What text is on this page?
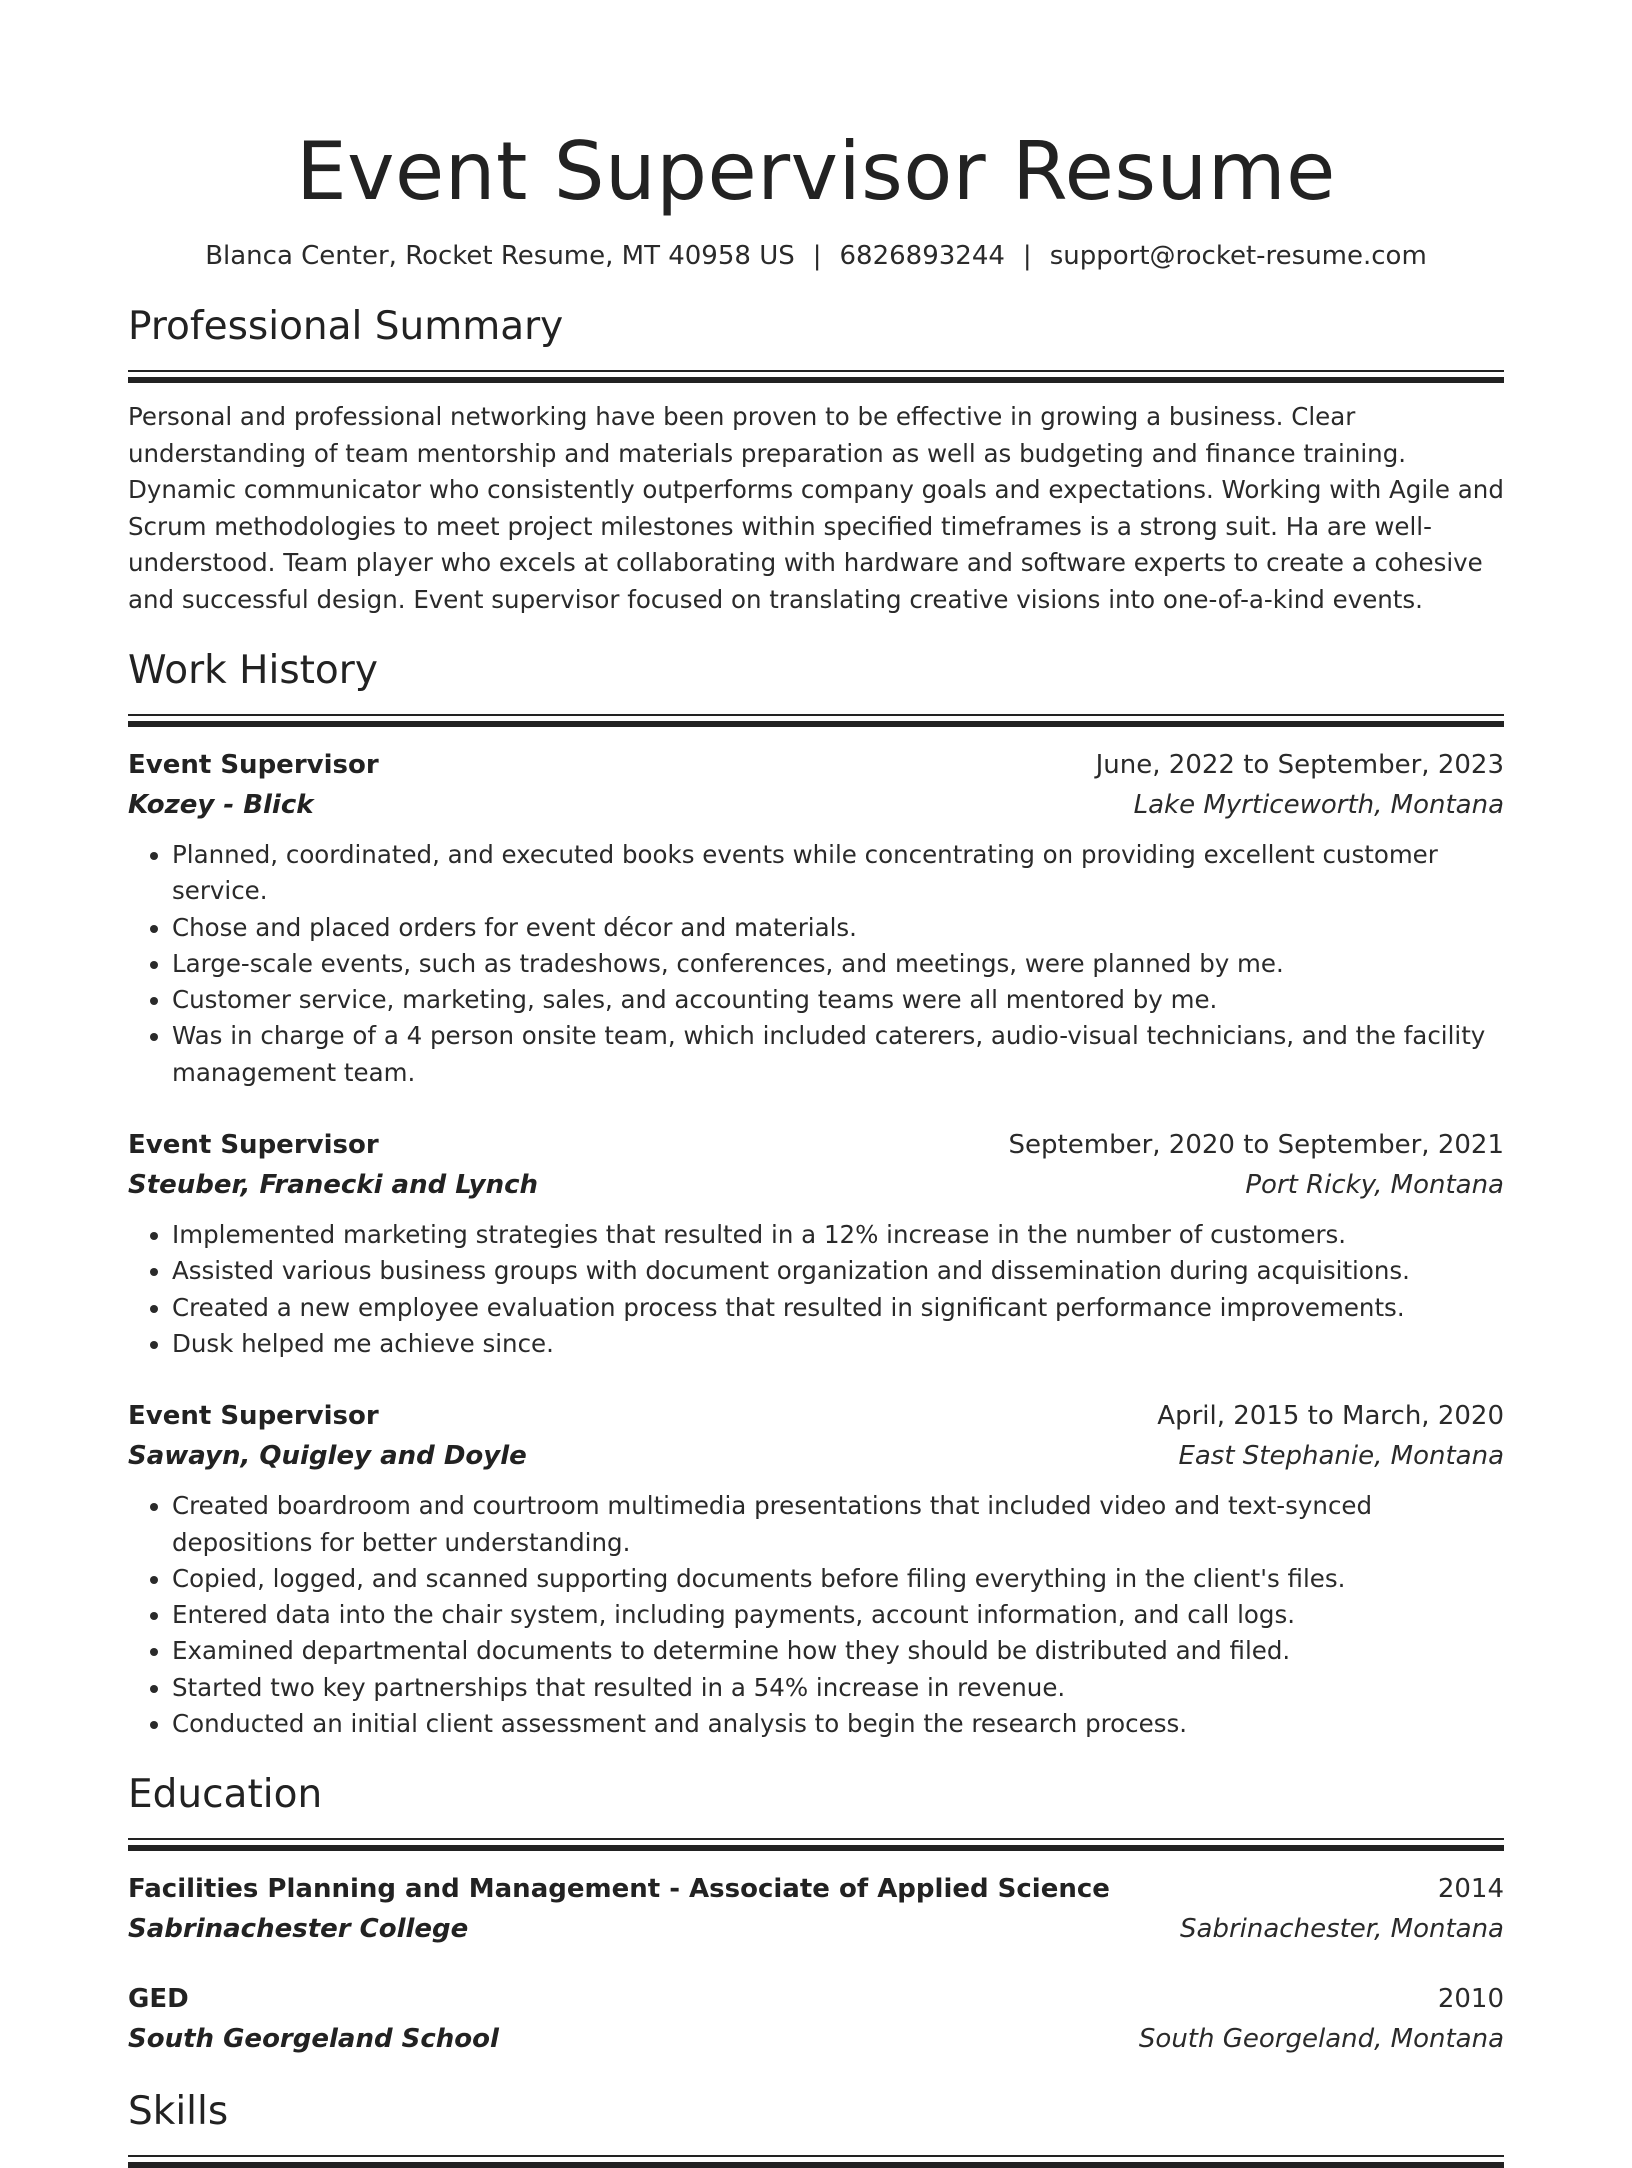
Event Supervisor Resume
Blanca Center, Rocket Resume, MT 40958 US | 6826893244 | support@rocket-resume.com
Professional Summary
Personal and professional networking have been proven to be effective in growing a business. Clear understanding of team mentorship and materials preparation as well as budgeting and finance training. Dynamic communicator who consistently outperforms company goals and expectations. Working with Agile and Scrum methodologies to meet project milestones within specified timeframes is a strong suit. Ha are well-understood. Team player who excels at collaborating with hardware and software experts to create a cohesive and successful design. Event supervisor focused on translating creative visions into one-of-a-kind events.
Work History
Event Supervisor	June, 2022 to September, 2023
Kozey - Blick	Lake Myrticeworth, Montana
• Planned, coordinated, and executed books events while concentrating on providing excellent customer service.
• Chose and placed orders for event décor and materials.
• Large-scale events, such as tradeshows, conferences, and meetings, were planned by me.
• Customer service, marketing, sales, and accounting teams were all mentored by me.
• Was in charge of a 4 person onsite team, which included caterers, audio-visual technicians, and the facility management team.
Event Supervisor	September, 2020 to September, 2021
Steuber, Franecki and Lynch	Port Ricky, Montana
• Implemented marketing strategies that resulted in a 12% increase in the number of customers.
• Assisted various business groups with document organization and dissemination during acquisitions.
• Created a new employee evaluation process that resulted in significant performance improvements.
• Dusk helped me achieve since.
Event Supervisor	April, 2015 to March, 2020
Sawayn, Quigley and Doyle	East Stephanie, Montana
• Created boardroom and courtroom multimedia presentations that included video and text-synced depositions for better understanding.
• Copied, logged, and scanned supporting documents before filing everything in the client's files.
• Entered data into the chair system, including payments, account information, and call logs.
• Examined departmental documents to determine how they should be distributed and filed.
• Started two key partnerships that resulted in a 54% increase in revenue.
• Conducted an initial client assessment and analysis to begin the research process.
Education
Facilities Planning and Management - Associate of Applied Science	2014
Sabrinachester College	Sabrinachester, Montana
GED	2010
South Georgeland School	South Georgeland, Montana
Skills
